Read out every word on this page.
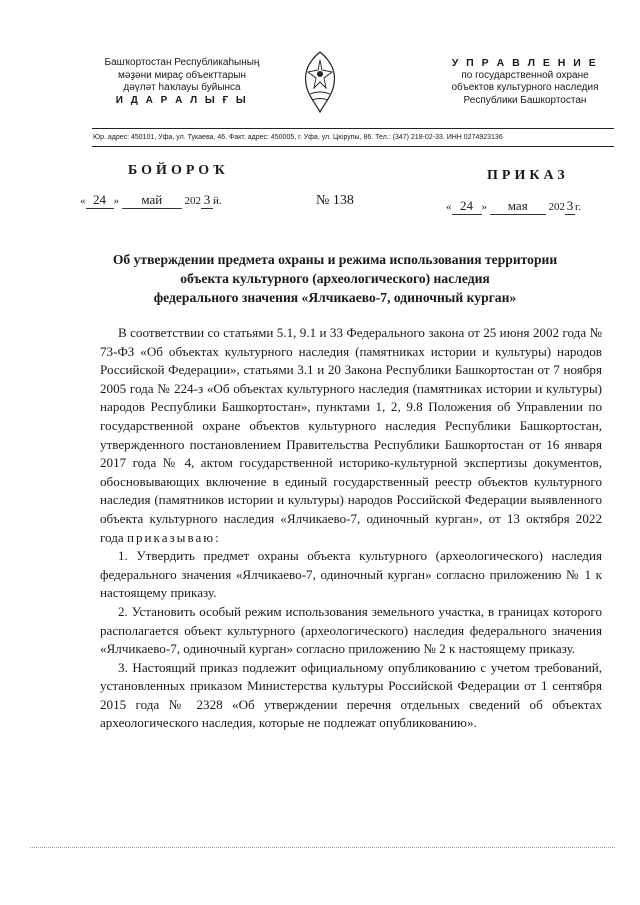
Башҡортостан Республикаһының
мәҙәни мираҫ объекттарын
дәүләт һаҡлауы буйынса
И Д А Р А Л Ы Ғ Ы
У П Р А В Л Е Н И Е
по государственной охране
объектов культурного наследия
Республики Башкортостан
Юр. адрес: 450101, Уфа, ул. Тукаева, 46. Факт. адрес: 450005, г. Уфа, ул. Цюрупы, 86. Тел.: (347) 218-02-33. ИНН 0274923136
БОЙОРОҠ	ПРИКАЗ
« 24 » май 202 3 й.	№ 138	« 24 » мая 202 3 г.
Об утверждении предмета охраны и режима использования территории
объекта культурного (археологического) наследия
федерального значения «Ялчикаево-7, одиночный курган»

В соответствии со статьями 5.1, 9.1 и 33 Федерального закона от 25 июня 2002 года № 73-ФЗ «Об объектах культурного наследия (памятниках истории и культуры) народов Российской Федерации», статьями 3.1 и 20 Закона Республики Башкортостан от 7 ноября 2005 года № 224-з «Об объектах культурного наследия (памятниках истории и культуры) народов Республики Башкортостан», пунктами 1, 2, 9.8 Положения об Управлении по государственной охране объектов культурного наследия Республики Башкортостан, утвержденного постановлением Правительства Республики Башкортостан от 16 января 2017 года № 4, актом государственной историко-культурной экспертизы документов, обосновывающих включение в единый государственный реестр объектов культурного наследия (памятников истории и культуры) народов Российской Федерации выявленного объекта культурного наследия «Ялчикаево-7, одиночный курган», от 13 октября 2022 года приказываю:

1. Утвердить предмет охраны объекта культурного (археологического) наследия федерального значения «Ялчикаево-7, одиночный курган» согласно приложению № 1 к настоящему приказу.

2. Установить особый режим использования земельного участка, в границах которого располагается объект культурного (археологического) наследия федерального значения «Ялчикаево-7, одиночный курган» согласно приложению № 2 к настоящему приказу.

3. Настоящий приказ подлежит официальному опубликованию с учетом требований, установленных приказом Министерства культуры Российской Федерации от 1 сентября 2015 года № 2328 «Об утверждении перечня отдельных сведений об объектах археологического наследия, которые не подлежат опубликованию».
